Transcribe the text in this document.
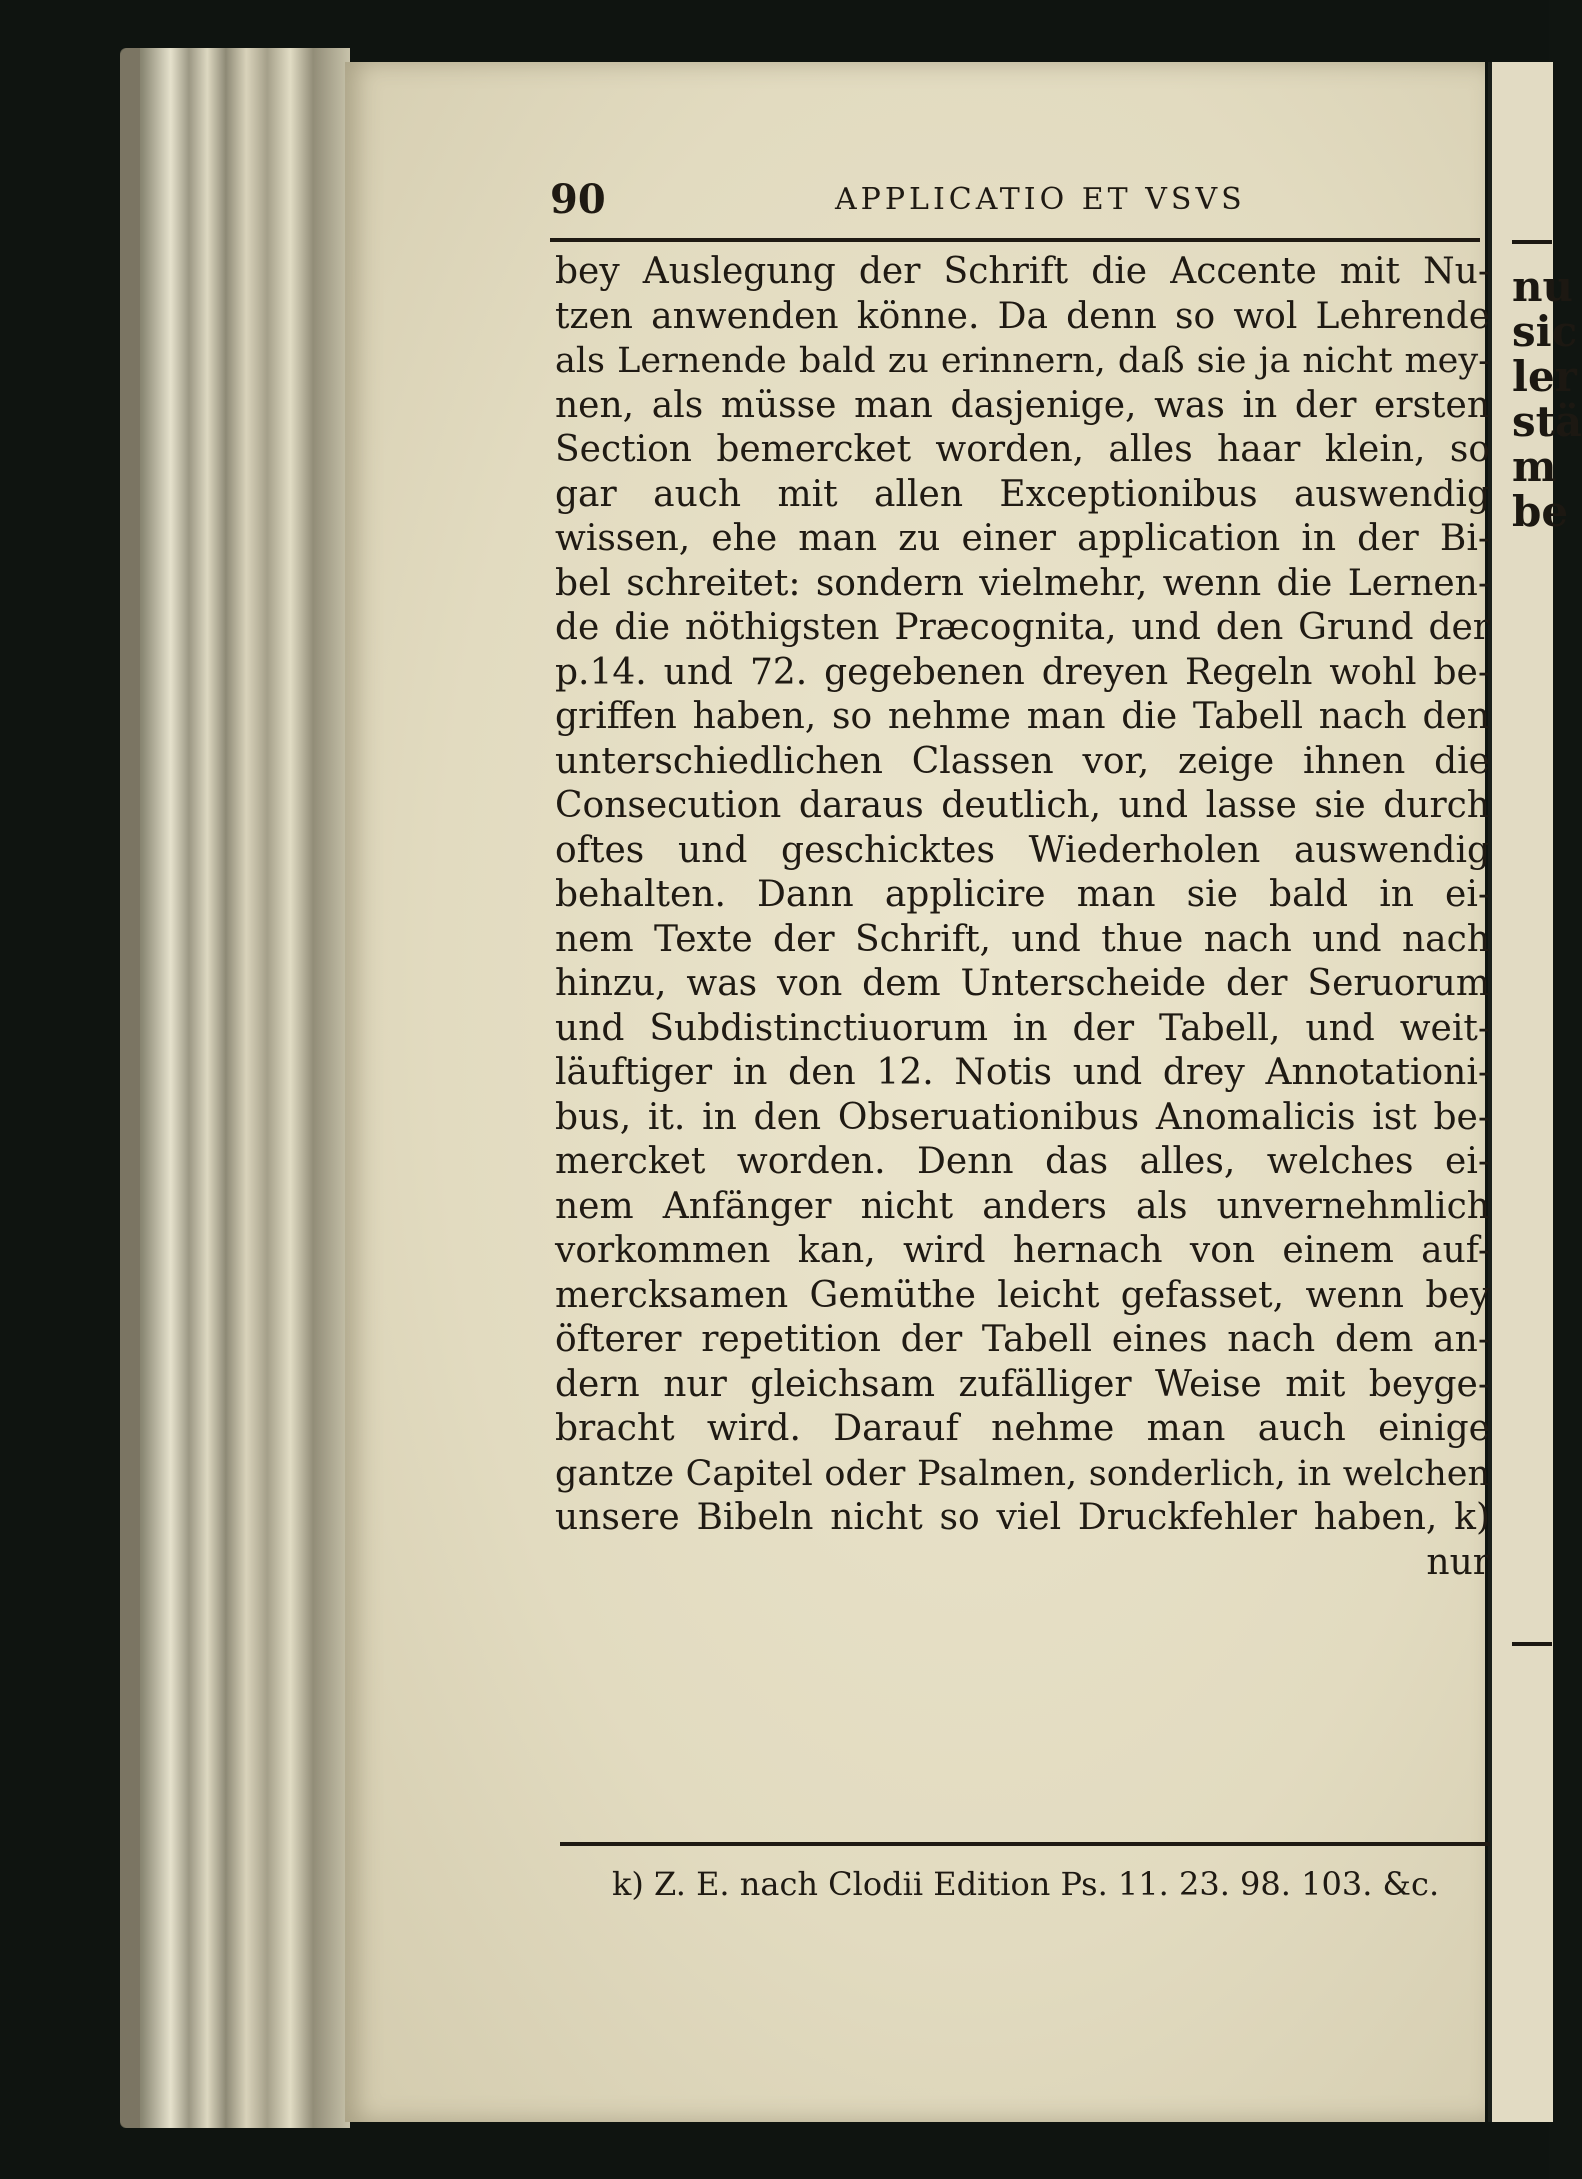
nu
sic
ler
stä
m
be
90	APPLICATIO ET VSVS
bey Auslegung der Schrift die Accente mit Nu-
tzen anwenden könne. Da denn so wol Lehrende
als Lernende bald zu erinnern, daß sie ja nicht mey-
nen, als müsse man dasjenige, was in der ersten
Section bemercket worden, alles haar klein, so
gar auch mit allen Exceptionibus auswendig
wissen, ehe man zu einer application in der Bi-
bel schreitet: sondern vielmehr, wenn die Lernen-
de die nöthigsten Præcognita, und den Grund der
p.14. und 72. gegebenen dreyen Regeln wohl be-
griffen haben, so nehme man die Tabell nach den
unterschiedlichen Classen vor, zeige ihnen die
Consecution daraus deutlich, und lasse sie durch
oftes und geschicktes Wiederholen auswendig
behalten. Dann applicire man sie bald in ei-
nem Texte der Schrift, und thue nach und nach
hinzu, was von dem Unterscheide der Seruorum
und Subdistinctiuorum in der Tabell, und weit-
läuftiger in den 12. Notis und drey Annotationi-
bus, it. in den Obseruationibus Anomalicis ist be-
mercket worden. Denn das alles, welches ei-
nem Anfänger nicht anders als unvernehmlich
vorkommen kan, wird hernach von einem auf-
mercksamen Gemüthe leicht gefasset, wenn bey
öfterer repetition der Tabell eines nach dem an-
dern nur gleichsam zufälliger Weise mit beyge-
bracht wird. Darauf nehme man auch einige
gantze Capitel oder Psalmen, sonderlich, in welchen
unsere Bibeln nicht so viel Druckfehler haben, k)
nur
k) Z. E. nach Clodii Edition Ps. 11. 23. 98. 103. &c.
